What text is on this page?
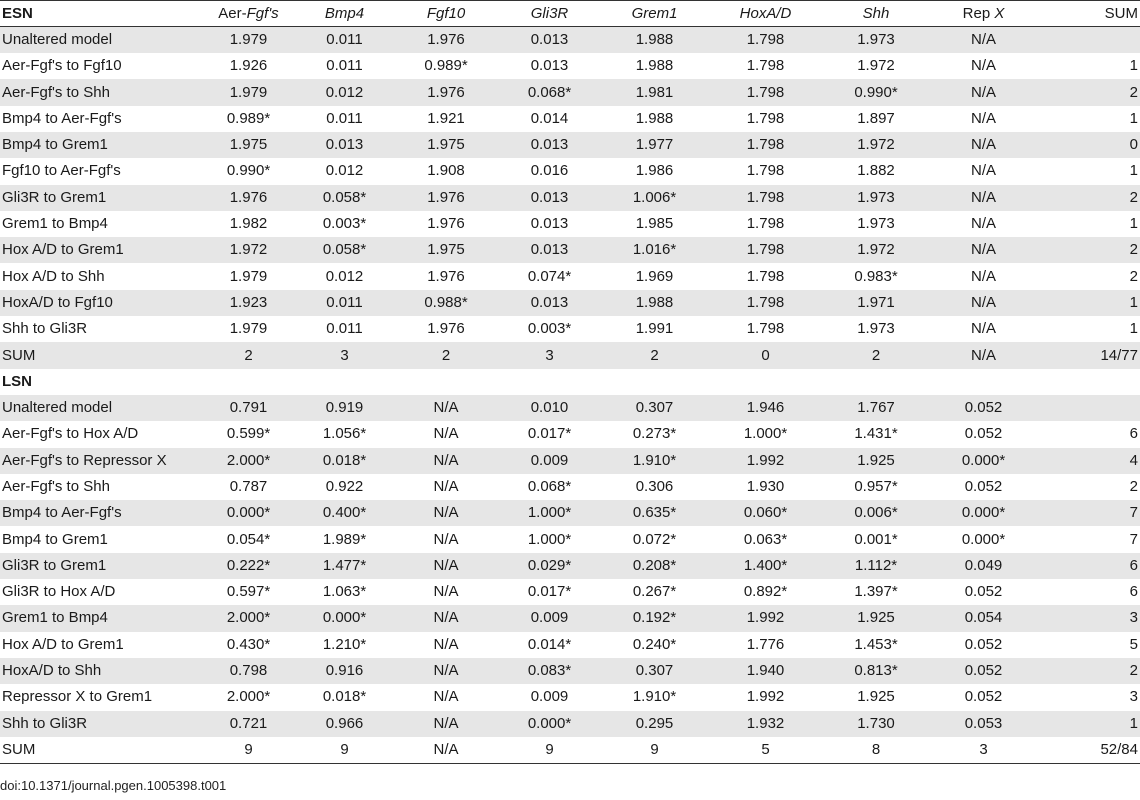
ESN	Aer-Fgf's	Bmp4	Fgf10	Gli3R	Grem1	HoxA/D	Shh	Rep X	SUM
Unaltered model	1.979	0.011	1.976	0.013	1.988	1.798	1.973	N/A	
Aer-Fgf's to Fgf10	1.926	0.011	0.989*	0.013	1.988	1.798	1.972	N/A	1
Aer-Fgf's to Shh	1.979	0.012	1.976	0.068*	1.981	1.798	0.990*	N/A	2
Bmp4 to Aer-Fgf's	0.989*	0.011	1.921	0.014	1.988	1.798	1.897	N/A	1
Bmp4 to Grem1	1.975	0.013	1.975	0.013	1.977	1.798	1.972	N/A	0
Fgf10 to Aer-Fgf's	0.990*	0.012	1.908	0.016	1.986	1.798	1.882	N/A	1
Gli3R to Grem1	1.976	0.058*	1.976	0.013	1.006*	1.798	1.973	N/A	2
Grem1 to Bmp4	1.982	0.003*	1.976	0.013	1.985	1.798	1.973	N/A	1
Hox A/D to Grem1	1.972	0.058*	1.975	0.013	1.016*	1.798	1.972	N/A	2
Hox A/D to Shh	1.979	0.012	1.976	0.074*	1.969	1.798	0.983*	N/A	2
HoxA/D to Fgf10	1.923	0.011	0.988*	0.013	1.988	1.798	1.971	N/A	1
Shh to Gli3R	1.979	0.011	1.976	0.003*	1.991	1.798	1.973	N/A	1
SUM	2	3	2	3	2	0	2	N/A	14/77
LSN									
Unaltered model	0.791	0.919	N/A	0.010	0.307	1.946	1.767	0.052	
Aer-Fgf's to Hox A/D	0.599*	1.056*	N/A	0.017*	0.273*	1.000*	1.431*	0.052	6
Aer-Fgf's to Repressor X	2.000*	0.018*	N/A	0.009	1.910*	1.992	1.925	0.000*	4
Aer-Fgf's to Shh	0.787	0.922	N/A	0.068*	0.306	1.930	0.957*	0.052	2
Bmp4 to Aer-Fgf's	0.000*	0.400*	N/A	1.000*	0.635*	0.060*	0.006*	0.000*	7
Bmp4 to Grem1	0.054*	1.989*	N/A	1.000*	0.072*	0.063*	0.001*	0.000*	7
Gli3R to Grem1	0.222*	1.477*	N/A	0.029*	0.208*	1.400*	1.112*	0.049	6
Gli3R to Hox A/D	0.597*	1.063*	N/A	0.017*	0.267*	0.892*	1.397*	0.052	6
Grem1 to Bmp4	2.000*	0.000*	N/A	0.009	0.192*	1.992	1.925	0.054	3
Hox A/D to Grem1	0.430*	1.210*	N/A	0.014*	0.240*	1.776	1.453*	0.052	5
HoxA/D to Shh	0.798	0.916	N/A	0.083*	0.307	1.940	0.813*	0.052	2
Repressor X to Grem1	2.000*	0.018*	N/A	0.009	1.910*	1.992	1.925	0.052	3
Shh to Gli3R	0.721	0.966	N/A	0.000*	0.295	1.932	1.730	0.053	1
SUM	9	9	N/A	9	9	5	8	3	52/84
doi:10.1371/journal.pgen.1005398.t001
